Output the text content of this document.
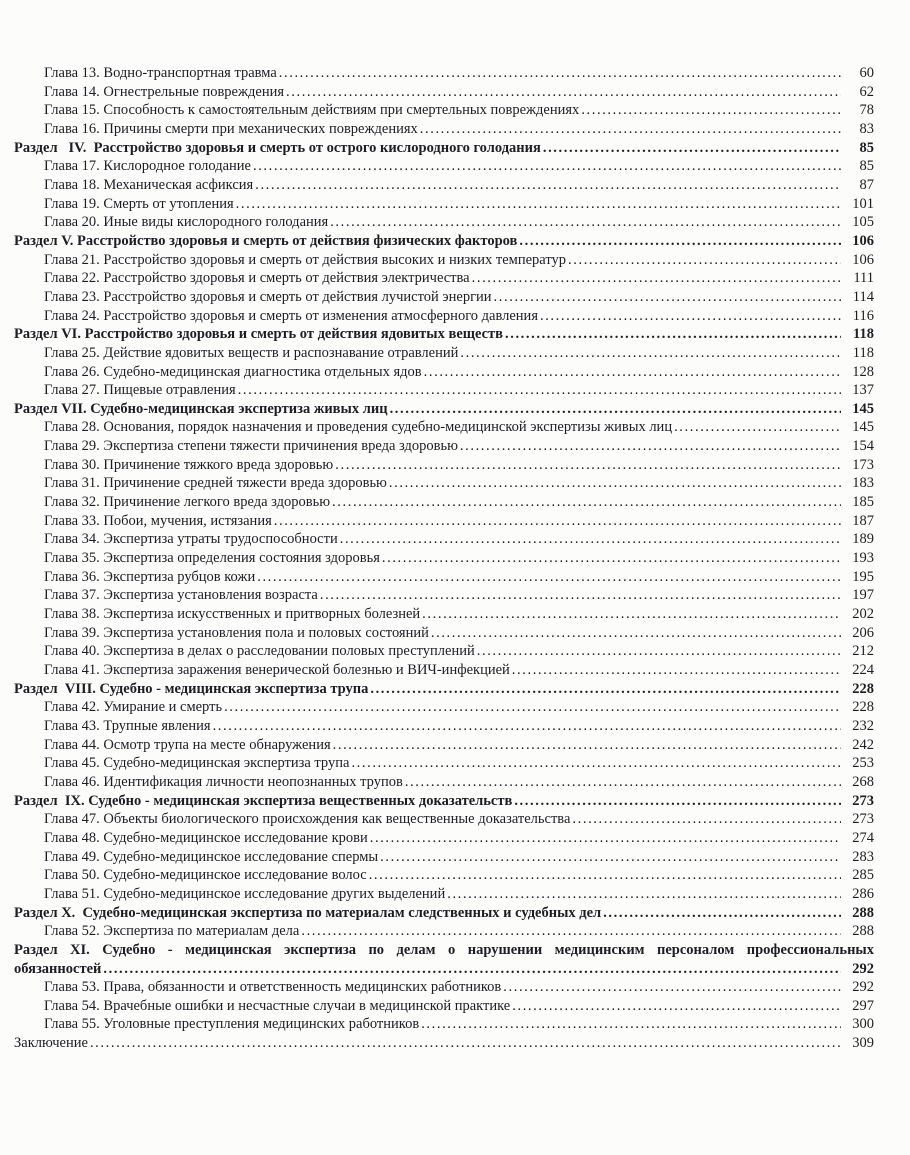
Глава 13. Водно-транспортная травма .....	60
Глава 14. Огнестрельные повреждения .....	62
Глава 15. Способность к самостоятельным действиям при смертельных повреждениях .....	78
Глава 16. Причины смерти при механических повреждениях .....	83
Раздел   IV.  Расстройство здоровья и смерть от острого кислородного голодания .....	85
Глава 17. Кислородное голодание .....	85
Глава 18. Механическая асфиксия .....	87
Глава 19. Смерть от утопления .....	101
Глава 20. Иные виды кислородного голодания .....	105
Раздел V. Расстройство здоровья и смерть от действия физических факторов .....	106
Глава 21. Расстройство здоровья и смерть от действия высоких и низких температур .....	106
Глава 22. Расстройство здоровья и смерть от действия электричества .....	111
Глава 23. Расстройство здоровья и смерть от действия лучистой энергии .....	114
Глава 24. Расстройство здоровья и смерть от изменения атмосферного давления .....	116
Раздел VI. Расстройство здоровья и смерть от действия ядовитых веществ .....	118
Глава 25. Действие ядовитых веществ и распознавание отравлений .....	118
Глава 26. Судебно-медицинская диагностика отдельных ядов .....	128
Глава 27. Пищевые отравления .....	137
Раздел VII. Судебно-медицинская экспертиза живых лиц .....	145
Глава 28. Основания, порядок назначения и проведения судебно-медицинской экспертизы живых лиц .....	145
Глава 29. Экспертиза степени тяжести причинения вреда здоровью .....	154
Глава 30. Причинение тяжкого вреда здоровью .....	173
Глава 31. Причинение средней тяжести вреда здоровью .....	183
Глава 32. Причинение легкого вреда здоровью .....	185
Глава 33. Побои, мучения, истязания .....	187
Глава 34. Экспертиза утраты трудоспособности .....	189
Глава 35. Экспертиза определения состояния здоровья .....	193
Глава 36. Экспертиза рубцов кожи .....	195
Глава 37. Экспертиза установления возраста .....	197
Глава 38. Экспертиза искусственных и притворных болезней .....	202
Глава 39. Экспертиза установления пола и половых состояний .....	206
Глава 40. Экспертиза в делах о расследовании половых преступлений .....	212
Глава 41. Экспертиза заражения венерической болезнью и ВИЧ-инфекцией .....	224
Раздел  VIII. Судебно - медицинская экспертиза трупа .....	228
Глава 42. Умирание и смерть .....	228
Глава 43. Трупные явления .....	232
Глава 44. Осмотр трупа на месте обнаружения .....	242
Глава 45. Судебно-медицинская экспертиза трупа .....	253
Глава 46. Идентификация личности неопознанных трупов .....	268
Раздел  IX. Судебно - медицинская экспертиза вещественных доказательств .....	273
Глава 47. Объекты биологического происхождения как вещественные доказательства .....	273
Глава 48. Судебно-медицинское исследование крови .....	274
Глава 49. Судебно-медицинское исследование спермы .....	283
Глава 50. Судебно-медицинское исследование волос .....	285
Глава 51. Судебно-медицинское исследование других выделений .....	286
Раздел X.  Судебно-медицинская экспертиза по материалам следственных и судебных дел .....	288
Глава 52. Экспертиза по материалам дела .....	288
Раздел XI. Судебно - медицинская экспертиза по делам о нарушении медицинским персоналом профессиональных
обязанностей .....	292
Глава 53. Права, обязанности и ответственность медицинских работников .....	292
Глава 54. Врачебные ошибки и несчастные случаи в медицинской практике .....	297
Глава 55. Уголовные преступления медицинских работников .....	300
Заключение .....	309
